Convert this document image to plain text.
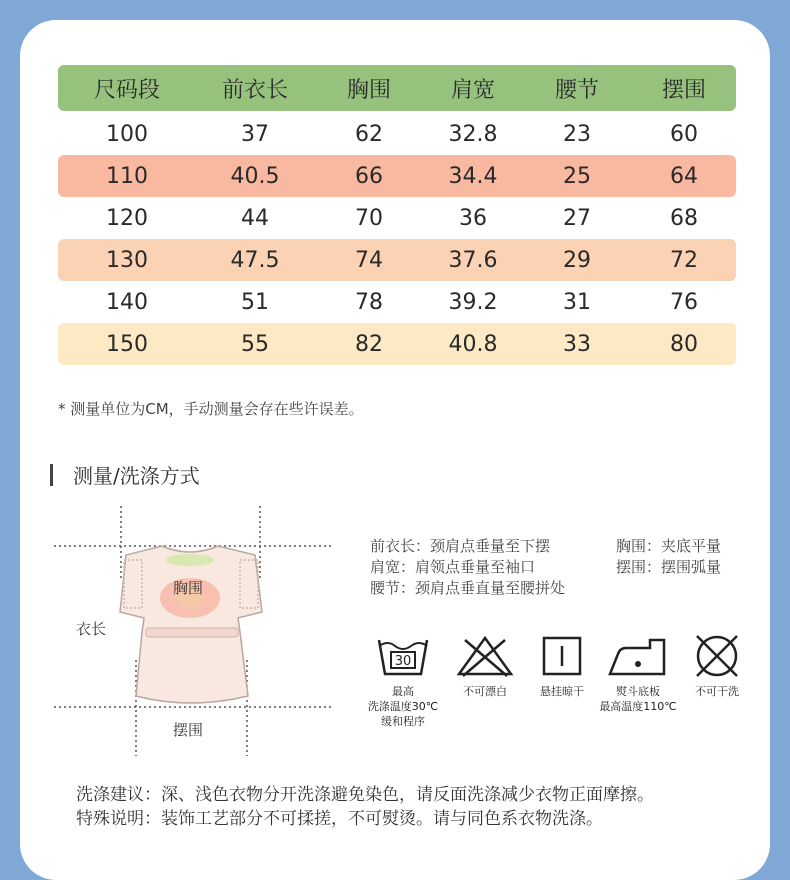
尺码段	前衣长	胸围	肩宽	腰节	摆围
100	37	62	32.8	23	60
110	40.5	66	34.4	25	64
120	44	70	36	27	68
130	47.5	74	37.6	29	72
140	51	78	39.2	31	76
150	55	82	40.8	33	80
* 测量单位为CM，手动测量会存在些许误差。
测量/洗涤方式
胸围
衣长
摆围
前衣长：颈肩点垂量至下摆
肩宽：肩领点垂量至袖口
腰节：颈肩点垂直量至腰拼处
胸围：夹底平量
摆围：摆围弧量
30
最高
洗涤温度30℃
缓和程序
不可漂白	悬挂晾干	熨斗底板
最高温度110℃
不可干洗
洗涤建议：深、浅色衣物分开洗涤避免染色，请反面洗涤减少衣物正面摩擦。
特殊说明：装饰工艺部分不可揉搓，不可熨烫。请与同色系衣物洗涤。
